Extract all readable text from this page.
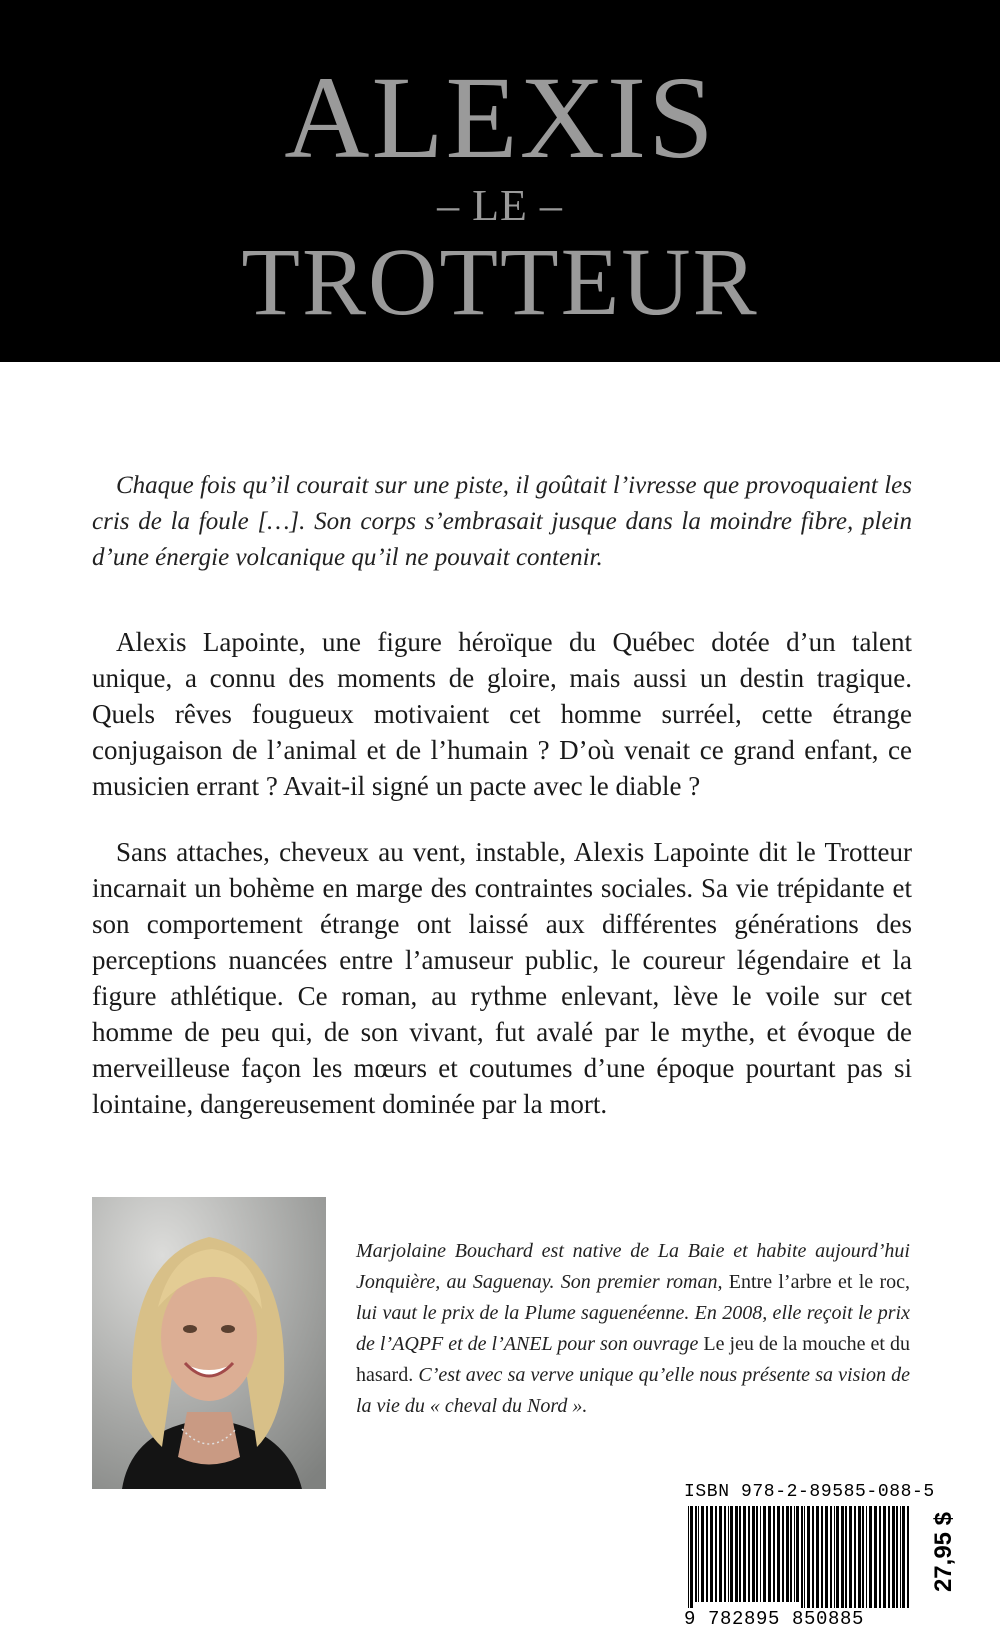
ALEXIS
– LE –
TROTTEUR

Chaque fois qu’il courait sur une piste, il goûtait l’ivresse que provoquaient les cris de la foule […]. Son corps s’embrasait jusque dans la moindre fibre, plein d’une énergie volcanique qu’il ne pouvait contenir.

Alexis Lapointe, une figure héroïque du Québec dotée d’un talent unique, a connu des moments de gloire, mais aussi un destin tragique. Quels rêves fougueux motivaient cet homme surréel, cette étrange conjugaison de l’animal et de l’humain ? D’où venait ce grand enfant, ce musicien errant ? Avait-il signé un pacte avec le diable ?

Sans attaches, cheveux au vent, instable, Alexis Lapointe dit le Trotteur incarnait un bohème en marge des contraintes sociales. Sa vie trépidante et son comportement étrange ont laissé aux différentes générations des perceptions nuancées entre l’amuseur public, le coureur légendaire et la figure athlétique. Ce roman, au rythme enlevant, lève le voile sur cet homme de peu qui, de son vivant, fut avalé par le mythe, et évoque de merveilleuse façon les mœurs et coutumes d’une époque pourtant pas si lointaine, dangereusement dominée par la mort.

Marjolaine Bouchard est native de La Baie et habite aujourd’hui Jonquière, au Saguenay. Son premier roman, Entre l’arbre et le roc, lui vaut le prix de la Plume saguenéenne. En 2008, elle reçoit le prix de l’AQPF et de l’ANEL pour son ouvrage Le jeu de la mouche et du hasard. C’est avec sa verve unique qu’elle nous présente sa vision de la vie du « cheval du Nord ».

ISBN 978-2-89585-088-5
9 782895 850885
27,95 $
